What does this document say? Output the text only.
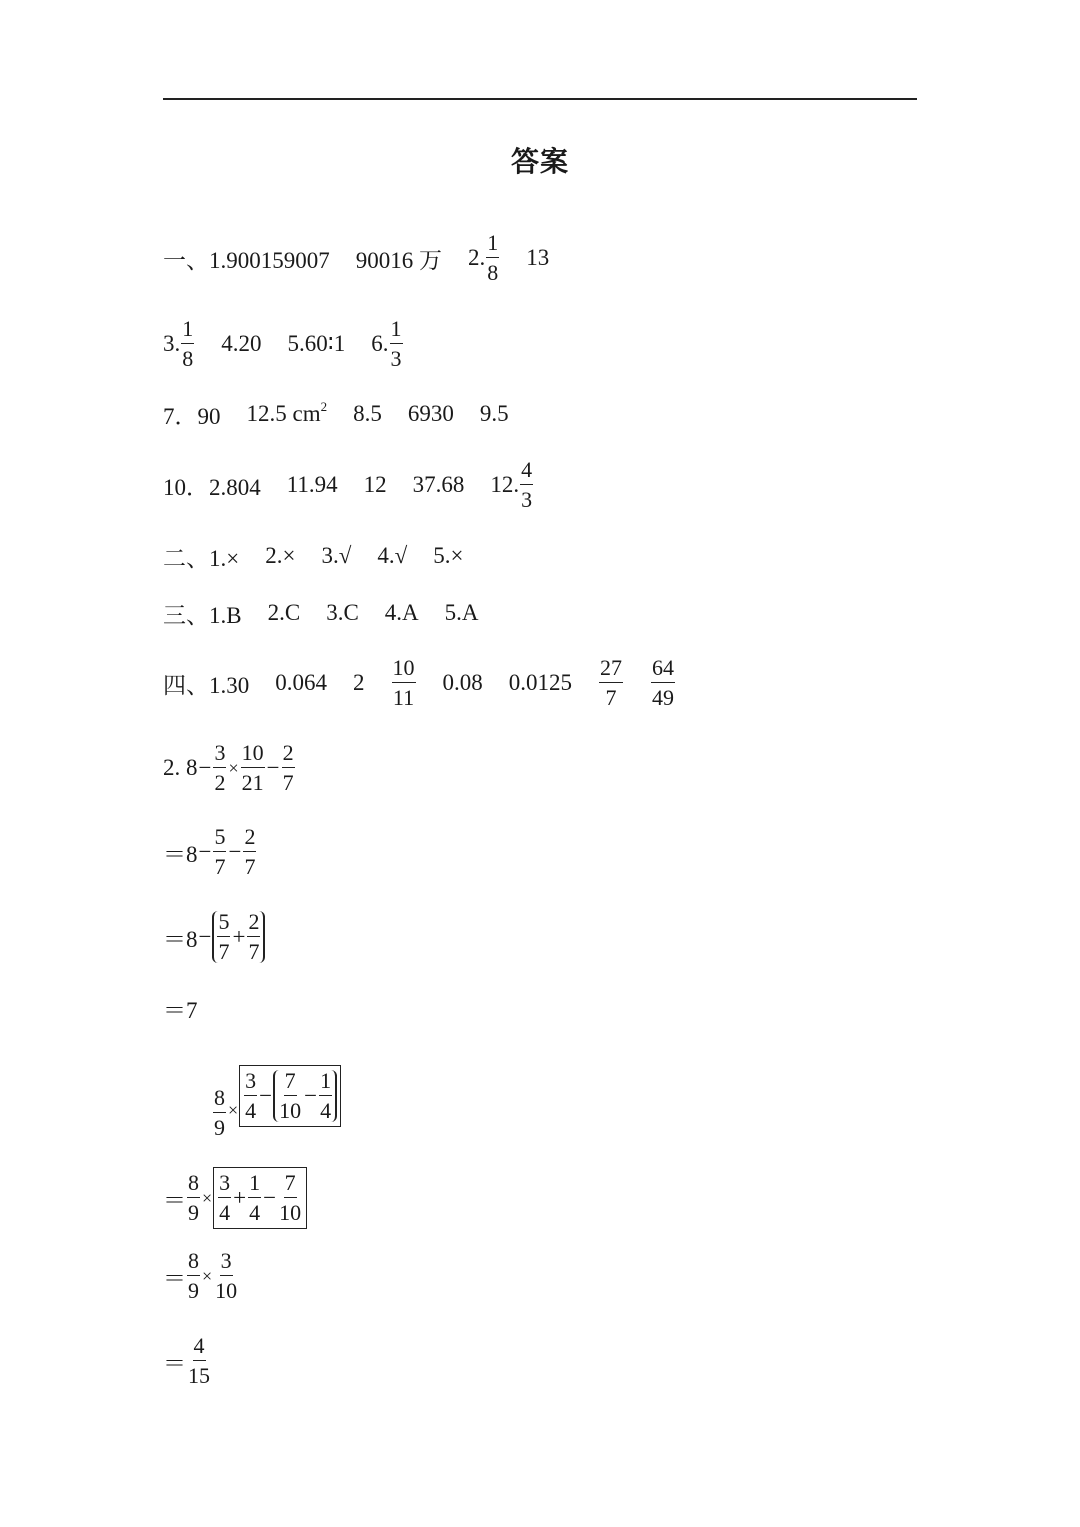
答案
一、1.900159007 90016 万 2.
1
8
13
3.
1
8
4.20 5.60∶1 6.
1
3
7．90 12.5 $cm^2$ 8.5 6930 9.5
10．2.804 11.94 12 37.68 12.
4
3
二、1.× 2.× 3.√ 4.√ 5.×
三、1.B 2.C 3.C 4.A 5.A
四、1.30 0.064 2
10
11
0.08 0.0125
27
7
64
49
2. $8 - \frac{3}{2} \times \frac{10}{21} - \frac{2}{7}$
$=8 - \frac{5}{7} - \frac{2}{7}$
＝8 −
5
7
+ $\frac{2}{7}$
＝7
$\frac{8}{9}$ ×
3
4
−
7
10
− $\frac{1}{4}$
＝ $\frac{8}{9}$ ×
3
4
+ $\frac{1}{4} - \frac{7}{10}$
＝ $\frac{8}{9} \times \frac{3}{10}$
＝
4
15
